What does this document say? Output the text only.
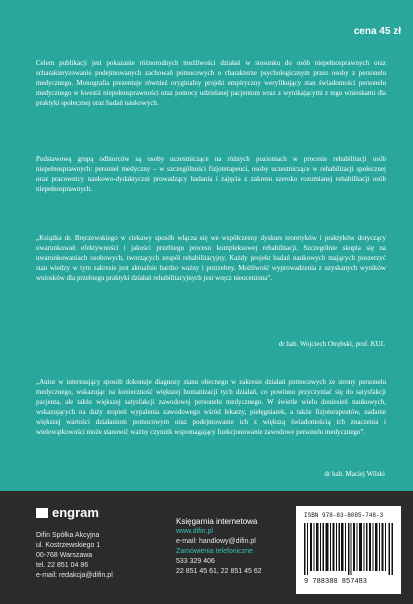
cena 45 zł
Celem publikacji jest pokazanie różnorodnych możliwości działań w stosunku do osób niepełnosprawnych oraz scharakteryzowanie podejmowanych zachowań pomocowych o charakterze psychologicznym przez osoby z personelu medycznego. Monografia prezentuje również oryginalny projekt empiryczny weryfikujący stan świadomości personelu medycznego w kwestii niepełnosprawności oraz pomocy udzielanej pacjentom wraz z wynikającymi z tego wnioskami dla praktyki społecznej oraz badań naukowych.
Podstawową grupą odbiorców są osoby uczestniczące na różnych poziomach w procesie rehabilitacji osób niepełnosprawnych: personel medyczny – w szczególności fizjoterapeuci, osoby uczestniczące w rehabilitacji społecznej oraz pracownicy naukowo-dydaktyczni prowadzący badania i zajęcia z zakresu szeroko rozumianej rehabilitacji osób niepełnosprawnych.
„Książka dr. Bręczewskiego w ciekawy sposób włącza się we współczesny dyskurs teoretyków i praktyków dotyczący uwarunkowań efektywności i jakości przebiegu procesu kompleksowej rehabilitacji. Szczególnie skupia się na uwarunkowaniach osobowych, tworzących zespół rehabilitacyjny. Każdy projekt badań naukowych mających poszerzyć stan wiedzy w tym zakresie jest aktualnie bardzo ważny i potrzebny. Możliwość wyprowadzenia z uzyskanych wyników wniosków dla przebiegu praktyki działań rehabilitacyjnych jest wręcz nieoceniona”.
dr hab. Wojciech Otrębski, prof. KUL
„Autor w interesujący sposób dokonuje diagnozy stanu obecnego w zakresie działań pomocowych ze strony personelu medycznego, wskazując na konieczność większej humanizacji tych działań, co powinno przyczyniać się do satysfakcji pacjenta, ale także większej satysfakcji zawodowej personelu medycznego. W świetle wielu doniesień naukowych, wskazujących na duży stopień wypalenia zawodowego wśród lekarzy, pielęgniarek, a także fizjoterapeutów, nadanie większej wartości działaniom pomocowym oraz podejmowanie ich z większą świadomością ich znaczenia i wielowątkowości może stanowić ważny czynnik wspomagający funkcjonowanie zawodowe personelu medycznego”.
dr hab. Maciej Wilski
engram
Difin Spółka Akcyjna
ul. Kostrzewskiego 1
00-768 Warszawa
tel. 22 851 04 86
e-mail: redakcja@difin.pl
Księgarnia internetowa
www.difin.pl
e-mail: handlowy@difin.pl
Zamówienia telefoniczne
533 329 406
22 851 45 61, 22 851 45 62
ISBN 978-83-8085-748-3
9 788380 857483
